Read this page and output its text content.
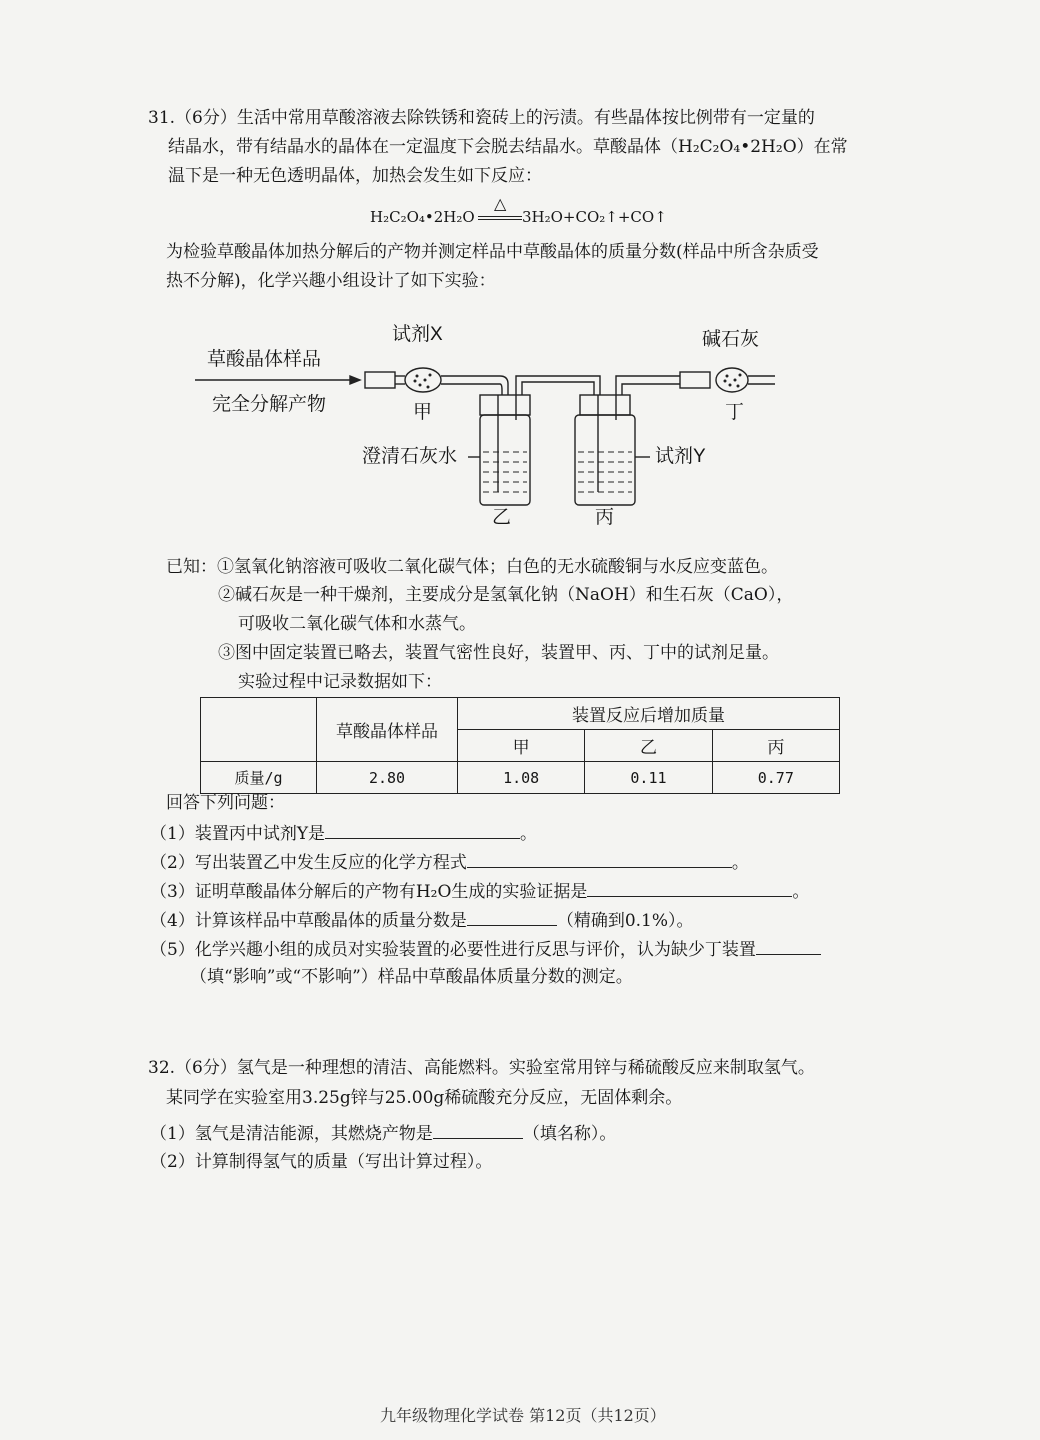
31.（6分）生活中常用草酸溶液去除铁锈和瓷砖上的污渍。有些晶体按比例带有一定量的
结晶水，带有结晶水的晶体在一定温度下会脱去结晶水。草酸晶体（H₂C₂O₄•2H₂O）在常
温下是一种无色透明晶体，加热会发生如下反应：
H₂C₂O₄•2H₂O
△
3H₂O+CO₂↑+CO↑
为检验草酸晶体加热分解后的产物并测定样品中草酸晶体的质量分数(样品中所含杂质受
热不分解)，化学兴趣小组设计了如下实验：
草酸晶体样品
完全分解产物
试剂X
甲
澄清石灰水
乙	丙
试剂Y
碱石灰
丁
已知：①氢氧化钠溶液可吸收二氧化碳气体；白色的无水硫酸铜与水反应变蓝色。
②碱石灰是一种干燥剂，主要成分是氢氧化钠（NaOH）和生石灰（CaO），
可吸收二氧化碳气体和水蒸气。
③图中固定装置已略去，装置气密性良好，装置甲、丙、丁中的试剂足量。
实验过程中记录数据如下：
	草酸晶体样品	装置反应后增加质量		
		甲	乙	丙
质量/g	2.80	1.08	0.11	0.77
回答下列问题：
（1）装置丙中试剂Y是	。
（2）写出装置乙中发生反应的化学方程式	。
（3）证明草酸晶体分解后的产物有H₂O生成的实验证据是	。
（4）计算该样品中草酸晶体的质量分数是	（精确到0.1%）。
（5）化学兴趣小组的成员对实验装置的必要性进行反思与评价，认为缺少丁装置
（填“影响”或“不影响”）样品中草酸晶体质量分数的测定。
32.（6分）氢气是一种理想的清洁、高能燃料。实验室常用锌与稀硫酸反应来制取氢气。
某同学在实验室用3.25g锌与25.00g稀硫酸充分反应，无固体剩余。
（1）氢气是清洁能源，其燃烧产物是	（填名称）。
（2）计算制得氢气的质量（写出计算过程）。
九年级物理化学试卷 第12页（共12页）
